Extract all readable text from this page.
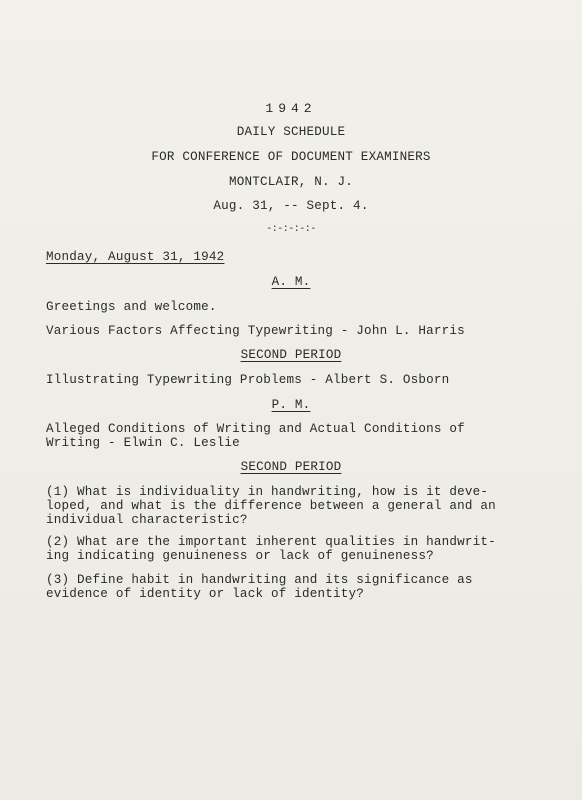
1942
DAILY SCHEDULE
FOR CONFERENCE OF DOCUMENT EXAMINERS
MONTCLAIR, N. J.
Aug. 31, -- Sept. 4.
-:-:-:-:-
Monday, August 31, 1942
A. M.
Greetings and welcome.
Various Factors Affecting Typewriting - John L. Harris
SECOND PERIOD
Illustrating Typewriting Problems - Albert S. Osborn
P. M.
Alleged Conditions of Writing and Actual Conditions of
Writing - Elwin C. Leslie
SECOND PERIOD
(1) What is individuality in handwriting, how is it deve-
loped, and what is the difference between a general and an
individual characteristic?
(2) What are the important inherent qualities in handwrit-
ing indicating genuineness or lack of genuineness?
(3) Define habit in handwriting and its significance as
evidence of identity or lack of identity?
